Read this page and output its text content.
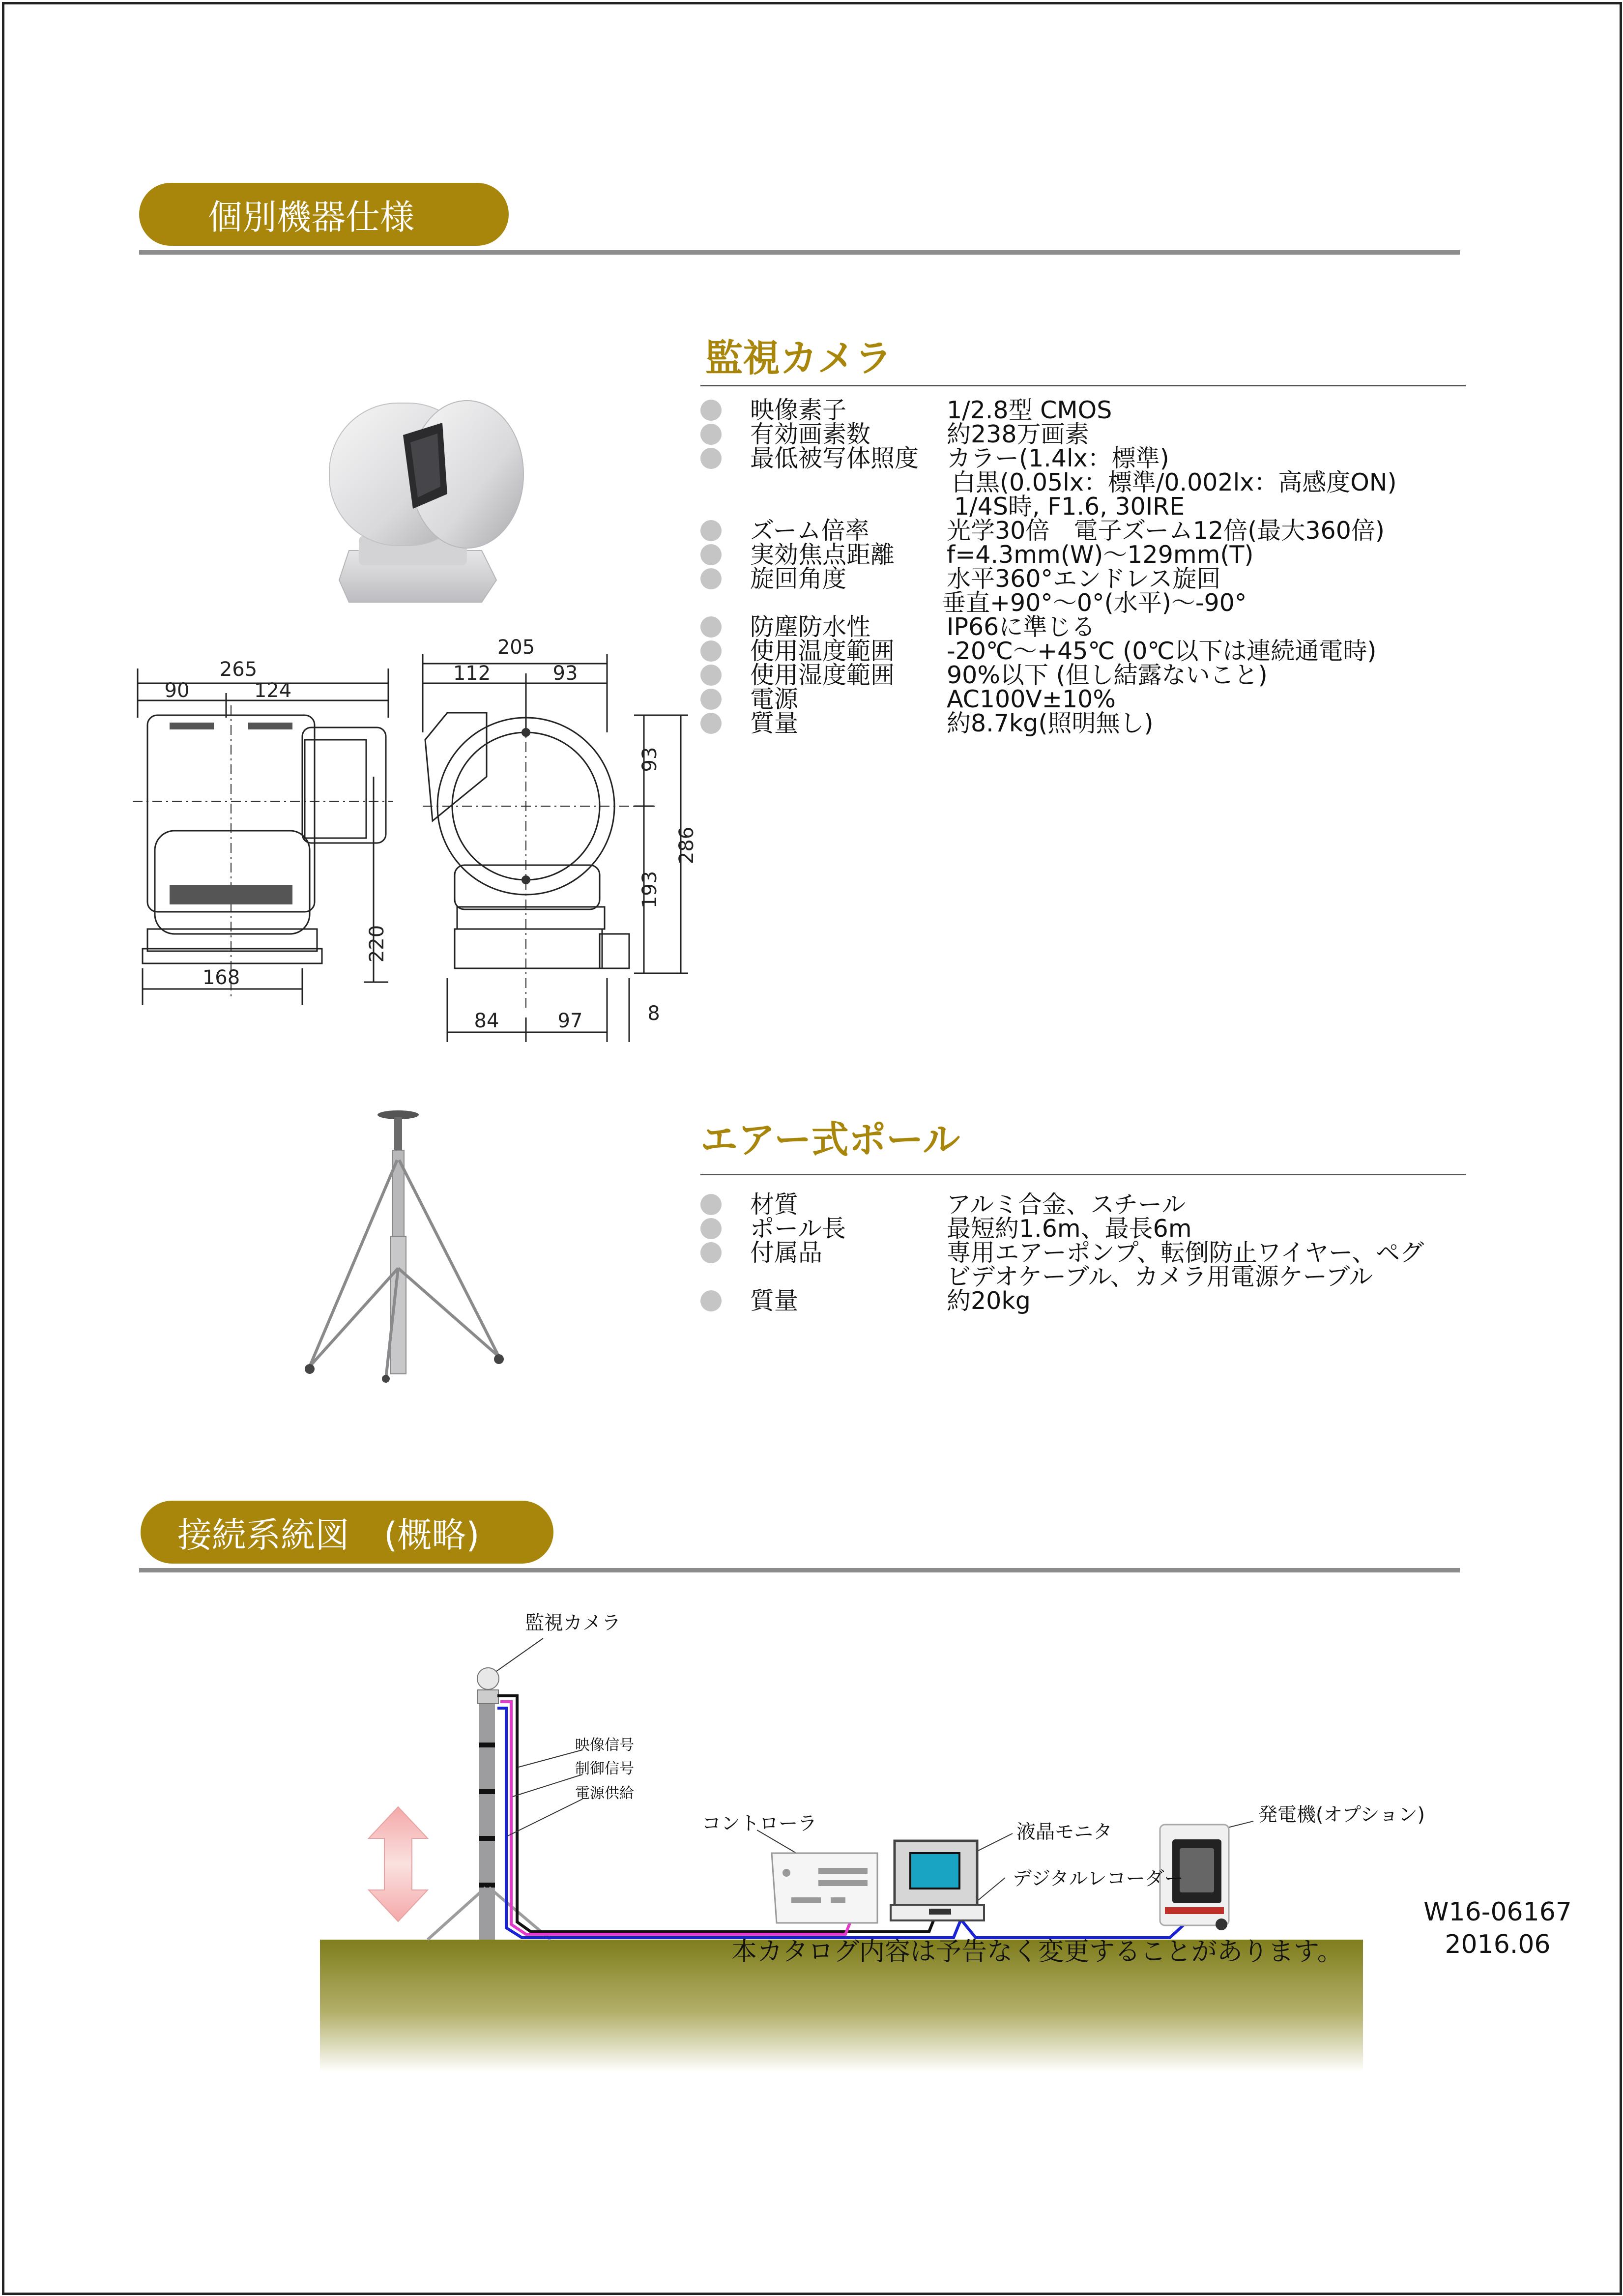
個別機器仕様
監視カメラ
映像素子	1/2.8型 CMOS
有効画素数	約238万画素
最低被写体照度 カラー(1.4lx：標準)
白黒(0.05lx：標準/0.002lx：高感度ON)
1/4S時, F1.6, 30IRE
ズーム倍率	光学30倍　電子ズーム12倍(最大360倍)
実効焦点距離 f=4.3mm(W)～129mm(T)
旋回角度	水平360°エンドレス旋回
垂直+90°～0°(水平)～-90°
防塵防水性	IP66に準じる
使用温度範囲 -20℃～+45℃ (0℃以下は連続通電時)
使用湿度範囲 90%以下 (但し結露ないこと)
電源	AC100V±10%
質量	約8.7kg(照明無し)
265
90	124
168
220
205
112	93
84	97	8
93
193
286
エアー式ポール
材質	アルミ合金、スチール
ポール長	最短約1.6m、最長6m
付属品	専用エアーポンプ、転倒防止ワイヤー、ペグ
ビデオケーブル、カメラ用電源ケーブル
質量	約20kg
接続系統図　(概略)
監視カメラ
映像信号
制御信号
電源供給
コントローラ	液晶モニタ
デジタルレコーダー
発電機(オプション)
本カタログ内容は予告なく変更することがあります。
W16-06167
2016.06
